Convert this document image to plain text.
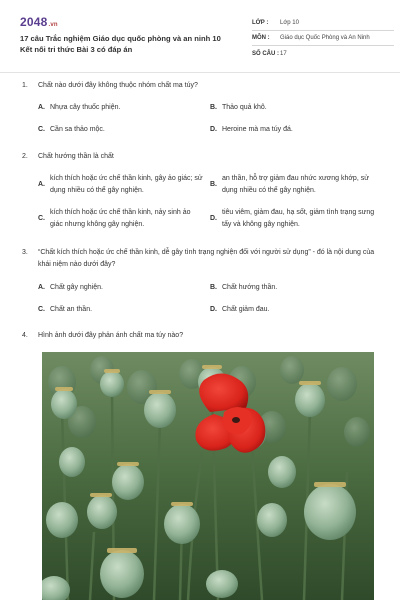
2048.vn
17 câu Trắc nghiệm Giáo dục quốc phòng và an ninh 10
Kết nối tri thức Bài 3 có đáp án
LỚP :	Lớp 10
MÔN :	Giáo dục Quốc Phòng và An Ninh
SỐ CÂU : 17
1.	Chất nào dưới đây không thuộc nhóm chất ma túy?
A. Nhựa cây thuốc phiện.	B. Thảo quả khô.
C. Cần sa thảo mộc.	D. Heroine mà ma túy đá.
2.	Chất hướng thần là chất
A.
kích thích hoặc ức chế thần kinh, gây ảo giác; sử dụng nhiều có thể gây nghiện.
B.
an thần, hỗ trợ giảm đau nhức xương khớp, sử dụng nhiều có thể gây nghiện.
C.
kích thích hoặc ức chế thần kinh, nảy sinh ảo giác nhưng không gây nghiện.
D.
tiêu viêm, giảm đau, hạ sốt, giảm tình trạng sưng tấy và không gây nghiện.
3.	“Chất kích thích hoặc ức chế thần kinh, dễ gây tình trạng nghiện đối với người sử dụng” - đó là nội dung của khái niệm nào dưới đây?
A. Chất gây nghiện.	B. Chất hướng thần.
C. Chất an thần.	D. Chất giảm đau.
4.	Hình ảnh dưới đây phản ánh chất ma túy nào?
